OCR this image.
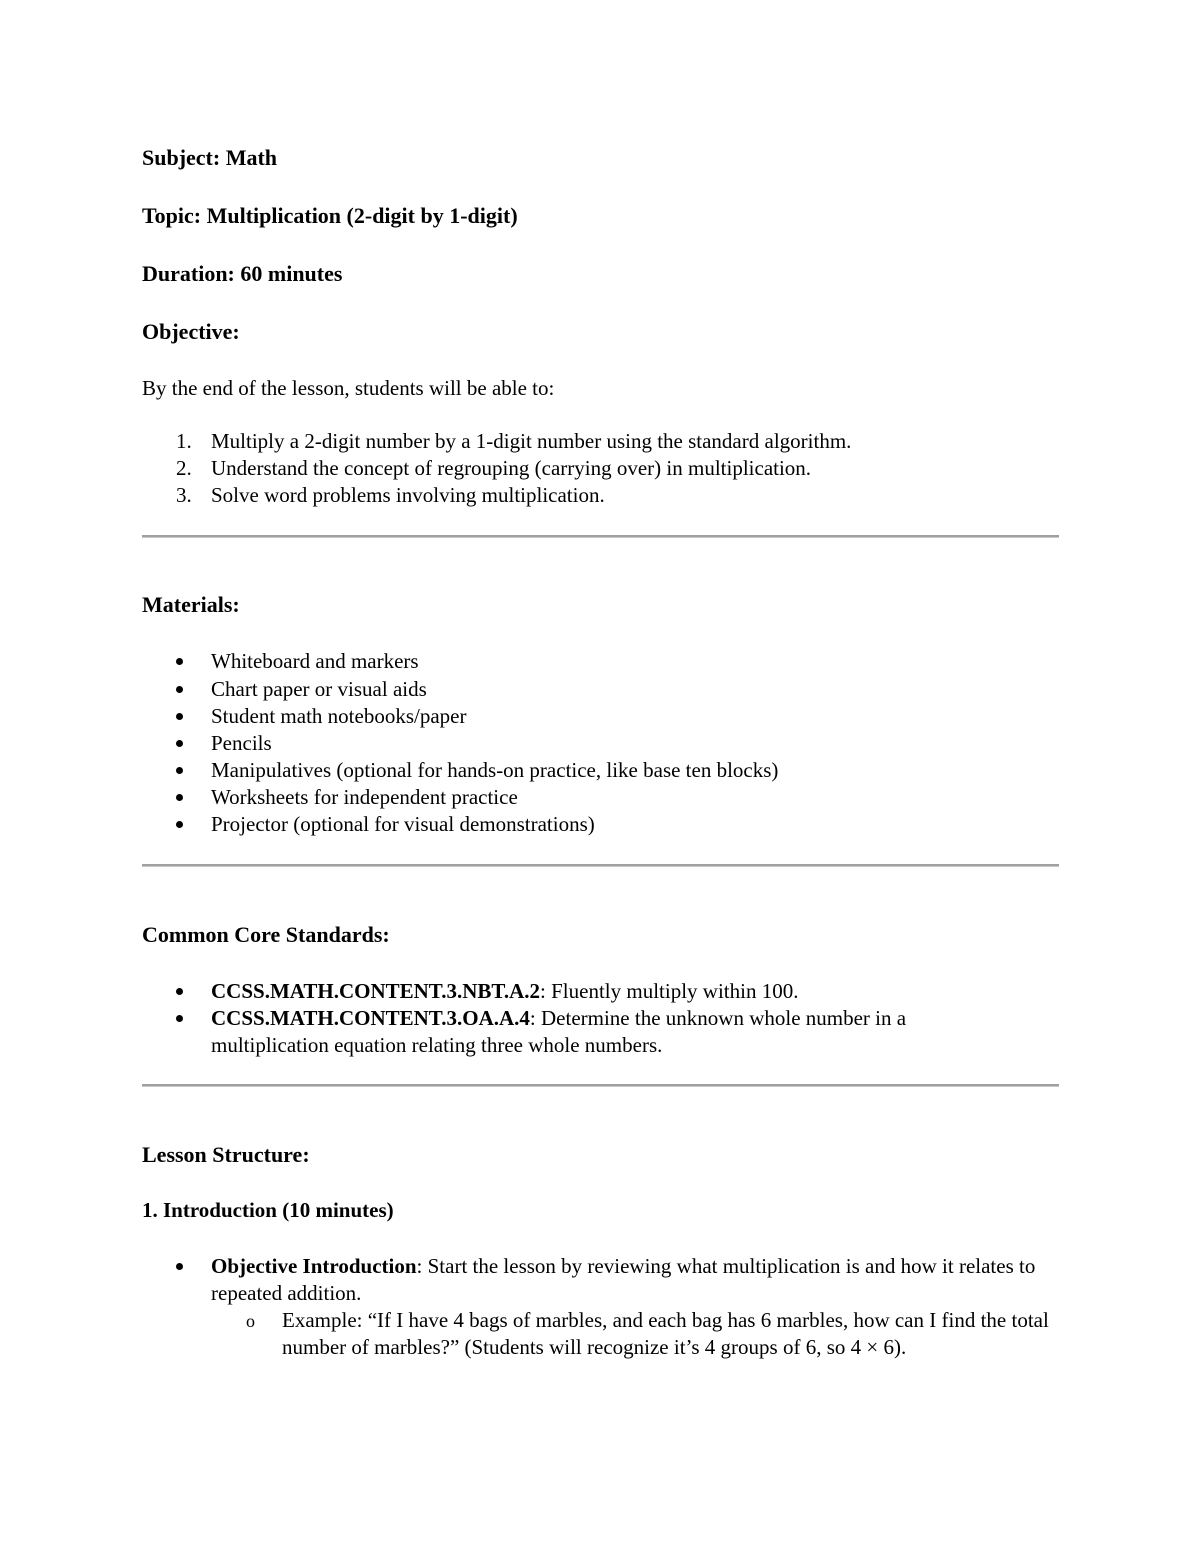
Subject: Math

Topic: Multiplication (2-digit by 1-digit)

Duration: 60 minutes

Objective:

By the end of the lesson, students will be able to:

1. Multiply a 2-digit number by a 1-digit number using the standard algorithm.
2. Understand the concept of regrouping (carrying over) in multiplication.
3. Solve word problems involving multiplication.

Materials:

Whiteboard and markers
Chart paper or visual aids
Student math notebooks/paper
Pencils
Manipulatives (optional for hands-on practice, like base ten blocks)
Worksheets for independent practice
Projector (optional for visual demonstrations)

Common Core Standards:

CCSS.MATH.CONTENT.3.NBT.A.2: Fluently multiply within 100.
CCSS.MATH.CONTENT.3.OA.A.4: Determine the unknown whole number in a multiplication equation relating three whole numbers.

Lesson Structure:

1. Introduction (10 minutes)

Objective Introduction: Start the lesson by reviewing what multiplication is and how it relates to repeated addition.
o Example: “If I have 4 bags of marbles, and each bag has 6 marbles, how can I find the total number of marbles?” (Students will recognize it’s 4 groups of 6, so 4 × 6).
